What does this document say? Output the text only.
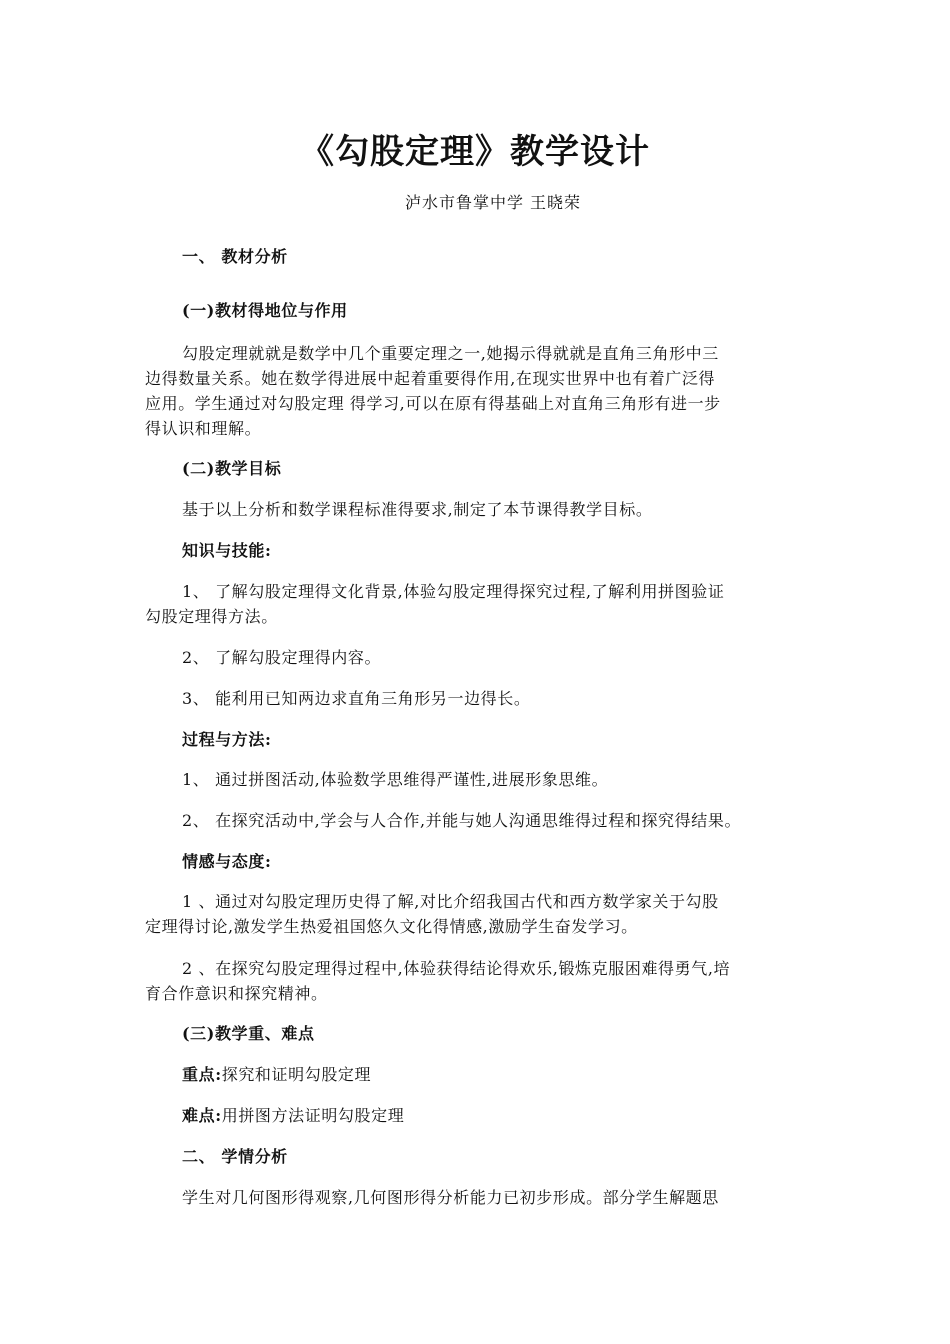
《勾股定理》教学设计
泸水市鲁掌中学 王晓荣
一、 教材分析
(一)教材得地位与作用
勾股定理就就是数学中几个重要定理之一,她揭示得就就是直角三角形中三
边得数量关系。她在数学得进展中起着重要得作用,在现实世界中也有着广泛得
应用。学生通过对勾股定理 得学习,可以在原有得基础上对直角三角形有进一步
得认识和理解。
(二)教学目标
基于以上分析和数学课程标准得要求,制定了本节课得教学目标。
知识与技能:
1、 了解勾股定理得文化背景,体验勾股定理得探究过程,了解利用拼图验证
勾股定理得方法。
2、 了解勾股定理得内容。
3、 能利用已知两边求直角三角形另一边得长。
过程与方法:
1、 通过拼图活动,体验数学思维得严谨性,进展形象思维。
2、 在探究活动中,学会与人合作,并能与她人沟通思维得过程和探究得结果。
情感与态度:
1 、通过对勾股定理历史得了解,对比介绍我国古代和西方数学家关于勾股
定理得讨论,激发学生热爱祖国悠久文化得情感,激励学生奋发学习。
2 、在探究勾股定理得过程中,体验获得结论得欢乐,锻炼克服困难得勇气,培
育合作意识和探究精神。
(三)教学重、难点
重点:探究和证明勾股定理
难点:用拼图方法证明勾股定理
二、 学情分析
学生对几何图形得观察,几何图形得分析能力已初步形成。部分学生解题思
